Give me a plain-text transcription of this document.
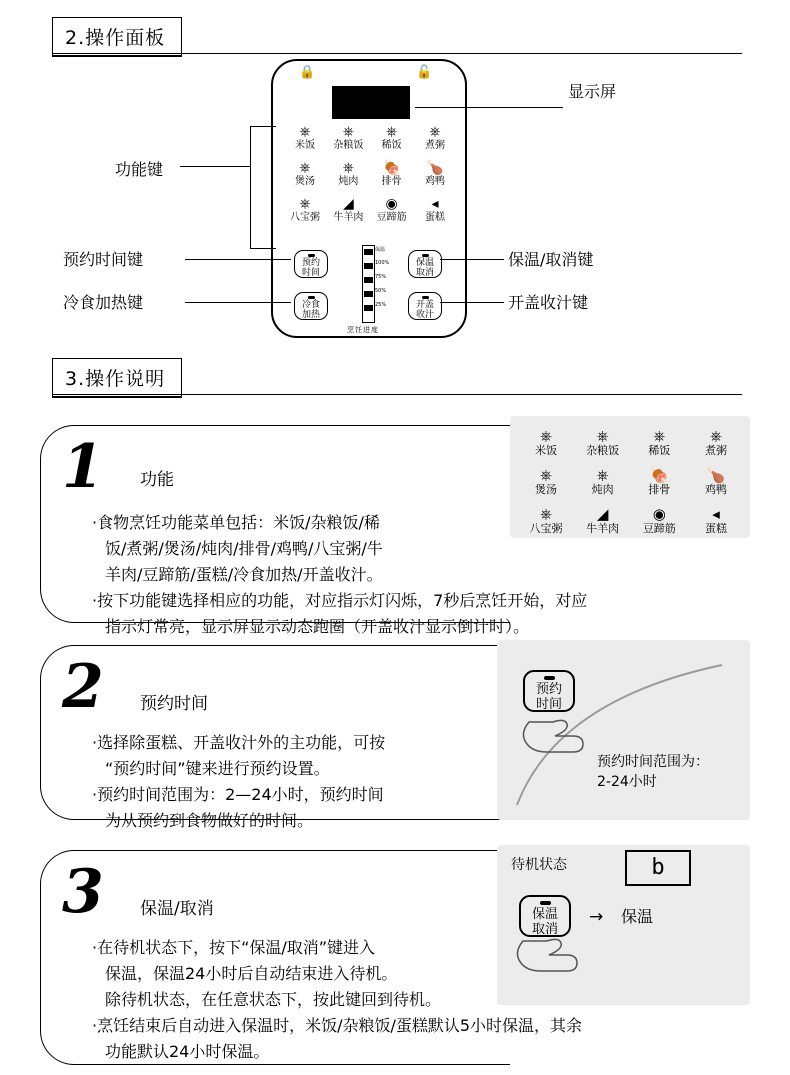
2.操作面板
🔒	🔓
⎈
米饭
⎈
杂粮饭
⎈
稀饭
⎈
煮粥
⎈
煲汤
⎈
炖肉
🍖
排骨
🍗
鸡鸭
⎈
八宝粥
◢
牛羊肉
◉
豆蹄筋
◂
蛋糕
预约
时间
冷食
加热
保温
取消
开盖
收汁
保温
100%
75%
50%
25%
烹饪进度
功能键
显示屏
预约时间键
冷食加热键
保温/取消键
开盖收汁键
3.操作说明
1 功能

·食物烹饪功能菜单包括：米饭/杂粮饭/稀

饭/煮粥/煲汤/炖肉/排骨/鸡鸭/八宝粥/牛

羊肉/豆蹄筋/蛋糕/冷食加热/开盖收汁。

·按下功能键选择相应的功能，对应指示灯闪烁，7秒后烹饪开始，对应

指示灯常亮，显示屏显示动态跑圈（开盖收汁显示倒计时）。

⎈
米饭
⎈
杂粮饭
⎈
稀饭
⎈
煮粥
⎈
煲汤
⎈
炖肉
🍖
排骨
🍗
鸡鸭
⎈
八宝粥
◢
牛羊肉
◉
豆蹄筋
◂
蛋糕
2 预约时间

·选择除蛋糕、开盖收汁外的主功能，可按

“预约时间”键来进行预约设置。

·预约时间范围为：2—24小时，预约时间

为从预约到食物做好的时间。

预约
时间
预约时间范围为：
2-24小时
3 保温/取消

·在待机状态下，按下“保温/取消”键进入

保温，保温24小时后自动结束进入待机。

除待机状态，在任意状态下，按此键回到待机。

·烹饪结束后自动进入保温时，米饭/杂粮饭/蛋糕默认5小时保温，其余

功能默认24小时保温。

待机状态	b
保温
取消
→ 保温
